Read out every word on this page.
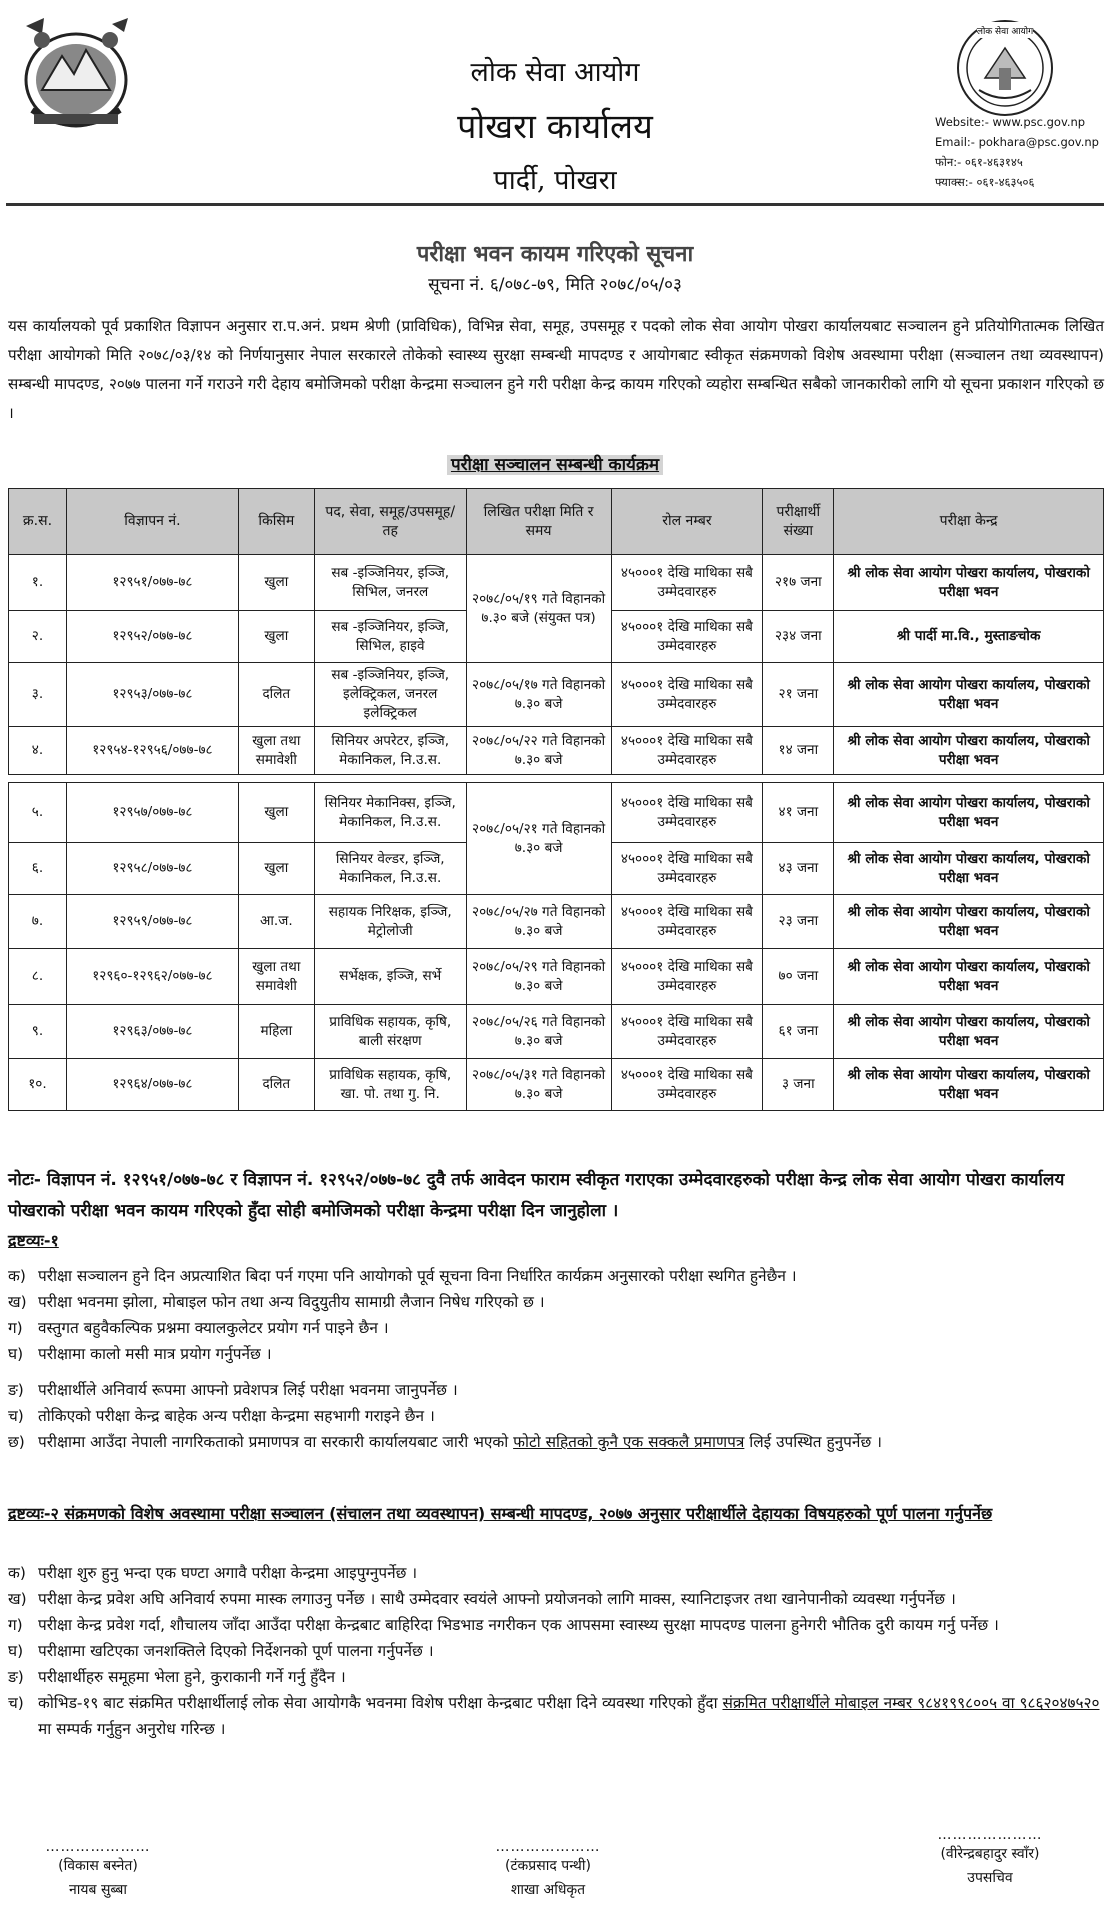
लोक सेवा आयोग
पोखरा कार्यालय
पार्दी, पोखरा
लोक सेवा आयोग
Website:- www.psc.gov.np
Email:- pokhara@psc.gov.np
फोन:- ०६१-४६३१४५
फ्याक्स:- ०६१-४६३५०६
परीक्षा भवन कायम गरिएको सूचना
सूचना नं. ६/०७८-७९, मिति २०७८/०५/०३

यस कार्यालयको पूर्व प्रकाशित विज्ञापन अनुसार रा.प.अनं. प्रथम श्रेणी (प्राविधिक), विभिन्न सेवा, समूह, उपसमूह र पदको लोक सेवा आयोग पोखरा कार्यालयबाट सञ्चालन हुने प्रतियोगितात्मक लिखित परीक्षा आयोगको मिति २०७८/०३/१४ को निर्णयानुसार नेपाल सरकारले तोकेको स्वास्थ्य सुरक्षा सम्बन्धी मापदण्ड र आयोगबाट स्वीकृत संक्रमणको विशेष अवस्थामा परीक्षा (सञ्चालन तथा व्यवस्थापन) सम्बन्धी मापदण्ड, २०७७ पालना गर्ने गराउने गरी देहाय बमोजिमको परीक्षा केन्द्रमा सञ्चालन हुने गरी परीक्षा केन्द्र कायम गरिएको व्यहोरा सम्बन्धित सबैको जानकारीको लागि यो सूचना प्रकाशन गरिएको छ ।

परीक्षा सञ्चालन सम्बन्धी कार्यक्रम
क्र.स.	विज्ञापन नं.	किसिम	पद, सेवा, समूह/उपसमूह/तह	लिखित परीक्षा मिति र समय	रोल नम्बर	परीक्षार्थी संख्या	परीक्षा केन्द्र
१.	१२९५१/०७७-७८	खुला	सब -इञ्जिनियर, इञ्जि, सिभिल, जनरल	२०७८/०५/१९ गते विहानको ७.३० बजे (संयुक्त पत्र)	४५०००१ देखि माथिका सबै उम्मेदवारहरु	२१७ जना	श्री लोक सेवा आयोग पोखरा कार्यालय, पोखराको परीक्षा भवन
२.	१२९५२/०७७-७८	खुला	सब -इञ्जिनियर, इञ्जि, सिभिल, हाइवे		४५०००१ देखि माथिका सबै उम्मेदवारहरु	२३४ जना	श्री पार्दी मा.वि., मुस्ताङचोक
३.	१२९५३/०७७-७८	दलित	सब -इञ्जिनियर, इञ्जि, इलेक्ट्रिकल, जनरल इलेक्ट्रिकल	२०७८/०५/१७ गते विहानको ७.३० बजे	४५०००१ देखि माथिका सबै उम्मेदवारहरु	२१ जना	श्री लोक सेवा आयोग पोखरा कार्यालय, पोखराको परीक्षा भवन
४.	१२९५४-१२९५६/०७७-७८	खुला तथा समावेशी	सिनियर अपरेटर, इञ्जि, मेकानिकल, नि.उ.स.	२०७८/०५/२२ गते विहानको ७.३० बजे	४५०००१ देखि माथिका सबै उम्मेदवारहरु	१४ जना	श्री लोक सेवा आयोग पोखरा कार्यालय, पोखराको परीक्षा भवन

५.	१२९५७/०७७-७८	खुला	सिनियर मेकानिक्स, इञ्जि, मेकानिकल, नि.उ.स.	२०७८/०५/२१ गते विहानको ७.३० बजे	४५०००१ देखि माथिका सबै उम्मेदवारहरु	४१ जना	श्री लोक सेवा आयोग पोखरा कार्यालय, पोखराको परीक्षा भवन
६.	१२९५८/०७७-७८	खुला	सिनियर वेल्डर, इञ्जि, मेकानिकल, नि.उ.स.		४५०००१ देखि माथिका सबै उम्मेदवारहरु	४३ जना	श्री लोक सेवा आयोग पोखरा कार्यालय, पोखराको परीक्षा भवन
७.	१२९५९/०७७-७८	आ.ज.	सहायक निरिक्षक, इञ्जि, मेट्रोलोजी	२०७८/०५/२७ गते विहानको ७.३० बजे	४५०००१ देखि माथिका सबै उम्मेदवारहरु	२३ जना	श्री लोक सेवा आयोग पोखरा कार्यालय, पोखराको परीक्षा भवन
८.	१२९६०-१२९६२/०७७-७८	खुला तथा समावेशी	सर्भेक्षक, इञ्जि, सर्भे	२०७८/०५/२९ गते विहानको ७.३० बजे	४५०००१ देखि माथिका सबै उम्मेदवारहरु	७० जना	श्री लोक सेवा आयोग पोखरा कार्यालय, पोखराको परीक्षा भवन
९.	१२९६३/०७७-७८	महिला	प्राविधिक सहायक, कृषि, बाली संरक्षण	२०७८/०५/२६ गते विहानको ७.३० बजे	४५०००१ देखि माथिका सबै उम्मेदवारहरु	६१ जना	श्री लोक सेवा आयोग पोखरा कार्यालय, पोखराको परीक्षा भवन
१०.	१२९६४/०७७-७८	दलित	प्राविधिक सहायक, कृषि, खा. पो. तथा गु. नि.	२०७८/०५/३१ गते विहानको ७.३० बजे	४५०००१ देखि माथिका सबै उम्मेदवारहरु	३ जना	श्री लोक सेवा आयोग पोखरा कार्यालय, पोखराको परीक्षा भवन

नोटः- विज्ञापन नं. १२९५१/०७७-७८ र विज्ञापन नं. १२९५२/०७७-७८ दुवै तर्फ आवेदन फाराम स्वीकृत गराएका उम्मेदवारहरुको परीक्षा केन्द्र लोक सेवा आयोग पोखरा कार्यालय पोखराको परीक्षा भवन कायम गरिएको हुँदा सोही बमोजिमको परीक्षा केन्द्रमा परीक्षा दिन जानुहोला ।

द्रष्टव्यः-१
क) परीक्षा सञ्चालन हुने दिन अप्रत्याशित बिदा पर्न गएमा पनि आयोगको पूर्व सूचना विना निर्धारित कार्यक्रम अनुसारको परीक्षा स्थगित हुनेछैन ।
ख) परीक्षा भवनमा झोला, मोबाइल फोन तथा अन्य विदुयुतीय सामाग्री लैजान निषेध गरिएको छ ।
ग) वस्तुगत बहुवैकल्पिक प्रश्नमा क्यालकुलेटर प्रयोग गर्न पाइने छैन ।
घ) परीक्षामा कालो मसी मात्र प्रयोग गर्नुपर्नेछ ।
ङ) परीक्षार्थीले अनिवार्य रूपमा आफ्नो प्रवेशपत्र लिई परीक्षा भवनमा जानुपर्नेछ ।
च) तोकिएको परीक्षा केन्द्र बाहेक अन्य परीक्षा केन्द्रमा सहभागी गराइने छैन ।
छ) परीक्षामा आउँदा नेपाली नागरिकताको प्रमाणपत्र वा सरकारी कार्यालयबाट जारी भएको फोटो सहितको कुनै एक सक्कलै प्रमाणपत्र लिई उपस्थित हुनुपर्नेछ ।
द्रष्टव्यः-२ संक्रमणको विशेष अवस्थामा परीक्षा सञ्चालन (संचालन तथा व्यवस्थापन) सम्बन्धी मापदण्ड, २०७७ अनुसार परीक्षार्थीले देहायका विषयहरुको पूर्ण पालना गर्नुपर्नेछ
क) परीक्षा शुरु हुनु भन्दा एक घण्टा अगावै परीक्षा केन्द्रमा आइपुग्नुपर्नेछ ।
ख) परीक्षा केन्द्र प्रवेश अघि अनिवार्य रुपमा मास्क लगाउनु पर्नेछ । साथै उम्मेदवार स्वयंले आफ्नो प्रयोजनको लागि माक्स, स्यानिटाइजर तथा खानेपानीको व्यवस्था गर्नुपर्नेछ ।
ग) परीक्षा केन्द्र प्रवेश गर्दा, शौचालय जाँदा आउँदा परीक्षा केन्द्रबाट बाहिरिदा भिडभाड नगरीकन एक आपसमा स्वास्थ्य सुरक्षा मापदण्ड पालना हुनेगरी भौतिक दुरी कायम गर्नु पर्नेछ ।
घ) परीक्षामा खटिएका जनशक्तिले दिएको निर्देशनको पूर्ण पालना गर्नुपर्नेछ ।
ङ) परीक्षार्थीहरु समूहमा भेला हुने, कुराकानी गर्ने गर्नु हुँदैन ।
च) कोभिड-१९ बाट संक्रमित परीक्षार्थीलाई लोक सेवा आयोगकै भवनमा विशेष परीक्षा केन्द्रबाट परीक्षा दिने व्यवस्था गरिएको हुँदा संक्रमित परीक्षार्थीले मोबाइल नम्बर ९८४१९९८००५ वा ९८६२०४७५२० मा सम्पर्क गर्नुहुन अनुरोध गरिन्छ ।
…………………
(विकास बस्नेत)
नायब सुब्बा
…………………
(टंकप्रसाद पन्थी)
शाखा अधिकृत
…………………
(वीरेन्द्रबहादुर स्वाँर)
उपसचिव
